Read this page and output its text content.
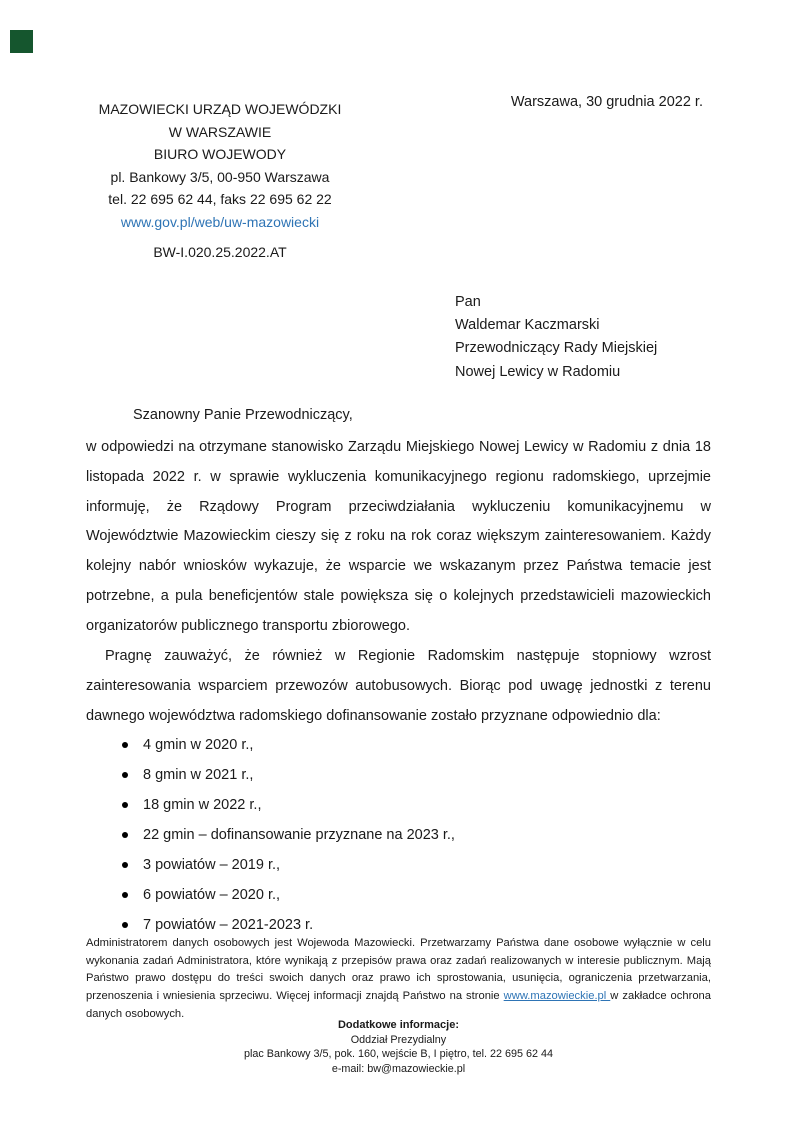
MAZOWIECKI URZĄD WOJEWÓDZKI
W WARSZAWIE
BIURO WOJEWODY
pl. Bankowy 3/5, 00-950 Warszawa
tel. 22 695 62 44, faks 22 695 62 22
www.gov.pl/web/uw-mazowiecki
BW-I.020.25.2022.AT
Warszawa, 30 grudnia 2022 r.
Pan
Waldemar Kaczmarski
Przewodniczący Rady Miejskiej
Nowej Lewicy w Radomiu
Szanowny Panie Przewodniczący,

w odpowiedzi na otrzymane stanowisko Zarządu Miejskiego Nowej Lewicy w Radomiu z dnia 18 listopada 2022 r. w sprawie wykluczenia komunikacyjnego regionu radomskiego, uprzejmie informuję, że Rządowy Program przeciwdziałania wykluczeniu komunikacyjnemu w Województwie Mazowieckim cieszy się z roku na rok coraz większym zainteresowaniem. Każdy kolejny nabór wniosków wykazuje, że wsparcie we wskazanym przez Państwa temacie jest potrzebne, a pula beneficjentów stale powiększa się o kolejnych przedstawicieli mazowieckich organizatorów publicznego transportu zbiorowego.

Pragnę zauważyć, że również w Regionie Radomskim następuje stopniowy wzrost zainteresowania wsparciem przewozów autobusowych. Biorąc pod uwagę jednostki z terenu dawnego województwa radomskiego dofinansowanie zostało przyznane odpowiednio dla:

4 gmin w 2020 r.,
8 gmin w 2021 r.,
18 gmin w 2022 r.,
22 gmin – dofinansowanie przyznane na 2023 r.,
3 powiatów – 2019 r.,
6 powiatów – 2020 r.,
7 powiatów – 2021-2023 r.
Administratorem danych osobowych jest Wojewoda Mazowiecki. Przetwarzamy Państwa dane osobowe wyłącznie w celu wykonania zadań Administratora, które wynikają z przepisów prawa oraz zadań realizowanych w interesie publicznym. Mają Państwo prawo dostępu do treści swoich danych oraz prawo ich sprostowania, usunięcia, ograniczenia przetwarzania, przenoszenia i wniesienia sprzeciwu. Więcej informacji znajdą Państwo na stronie www.mazowieckie.pl w zakładce ochrona danych osobowych.
Dodatkowe informacje:
Oddział Prezydialny
plac Bankowy 3/5, pok. 160, wejście B, I piętro, tel. 22 695 62 44
e-mail: bw@mazowieckie.pl
